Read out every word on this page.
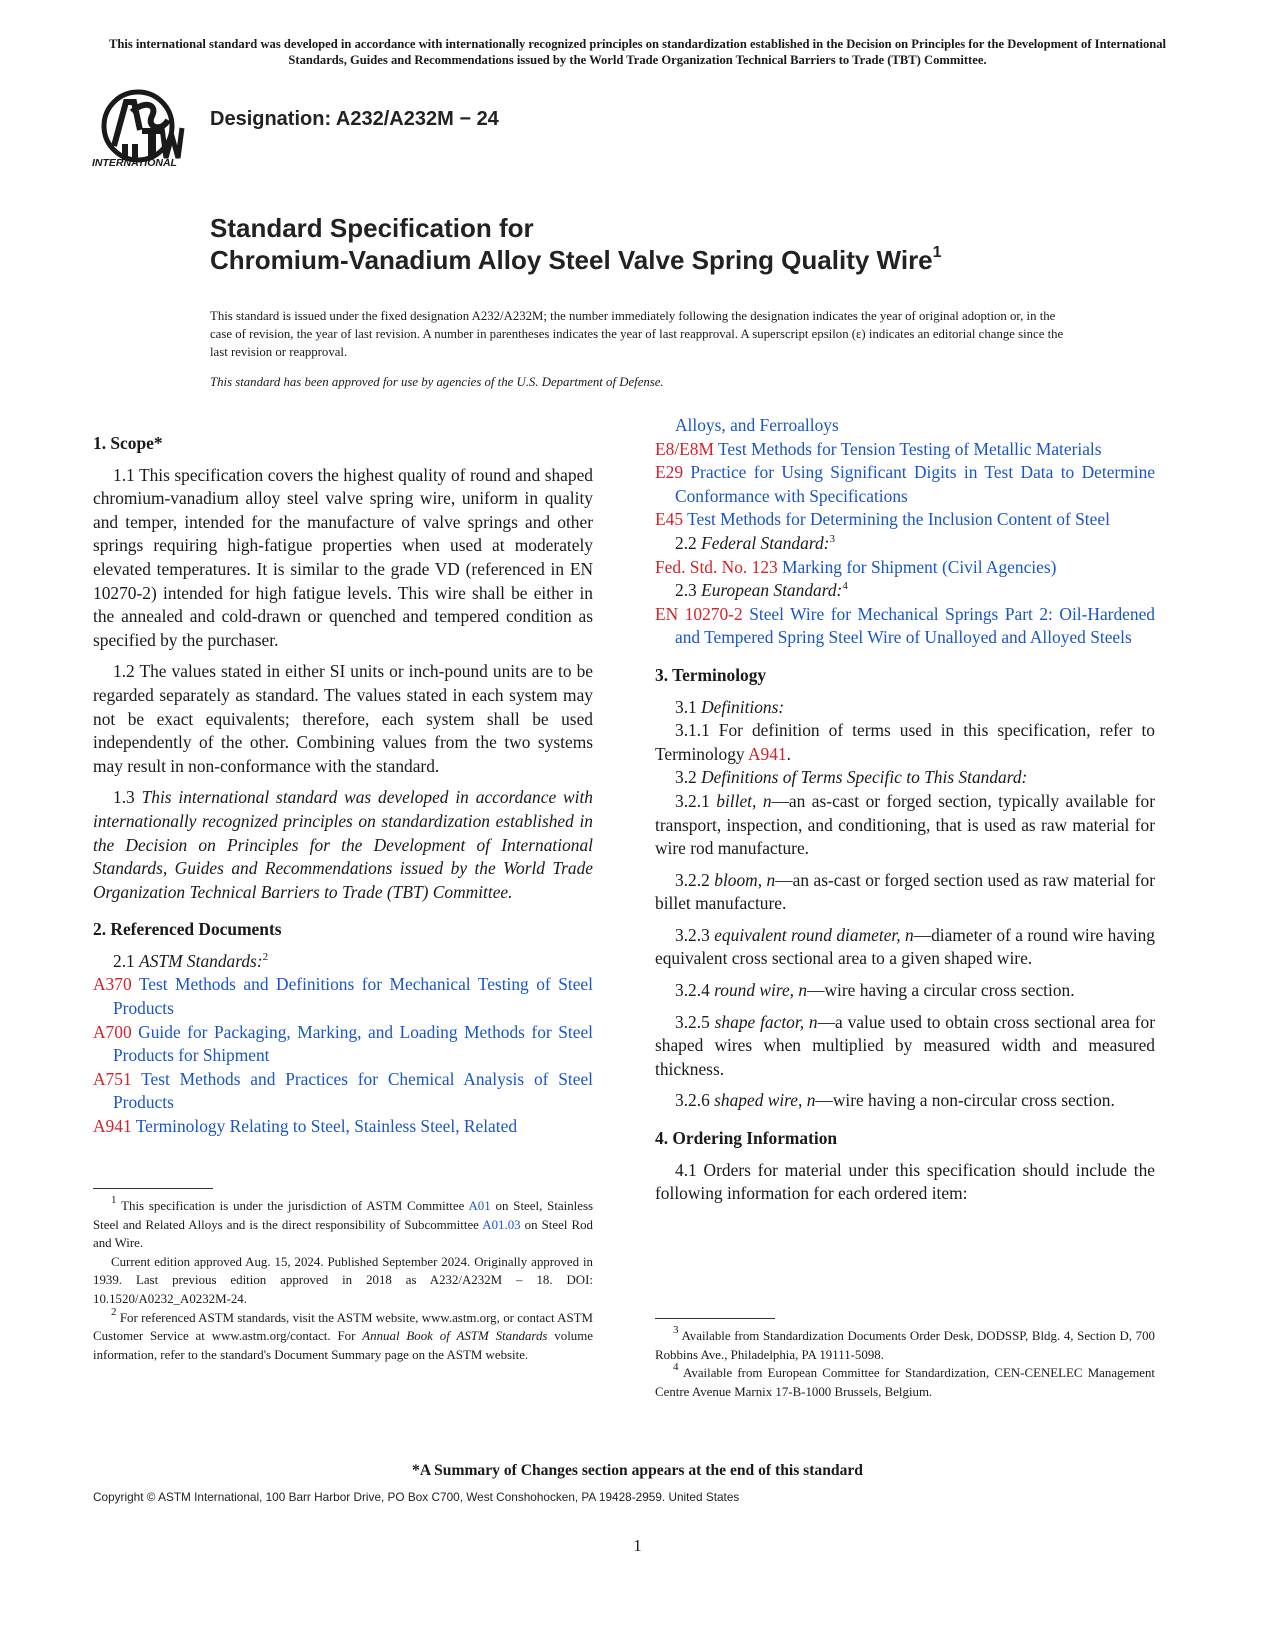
This international standard was developed in accordance with internationally recognized principles on standardization established in the Decision on Principles for the Development of International Standards, Guides and Recommendations issued by the World Trade Organization Technical Barriers to Trade (TBT) Committee.
INTERNATIONAL
Designation: A232/A232M − 24
Standard Specification for
Chromium-Vanadium Alloy Steel Valve Spring Quality Wire$^1$
This standard is issued under the fixed designation A232/A232M; the number immediately following the designation indicates the year of original adoption or, in the case of revision, the year of last revision. A number in parentheses indicates the year of last reapproval. A superscript epsilon (ε) indicates an editorial change since the last revision or reapproval.
This standard has been approved for use by agencies of the U.S. Department of Defense.

1. Scope*

1.1 This specification covers the highest quality of round and shaped chromium-vanadium alloy steel valve spring wire, uniform in quality and temper, intended for the manufacture of valve springs and other springs requiring high-fatigue properties when used at moderately elevated temperatures. It is similar to the grade VD (referenced in EN 10270-2) intended for high fatigue levels. This wire shall be either in the annealed and cold-drawn or quenched and tempered condition as specified by the purchaser.

1.2 The values stated in either SI units or inch-pound units are to be regarded separately as standard. The values stated in each system may not be exact equivalents; therefore, each system shall be used independently of the other. Combining values from the two systems may result in non-conformance with the standard.

1.3 This international standard was developed in accordance with internationally recognized principles on standardization established in the Decision on Principles for the Development of International Standards, Guides and Recommendations issued by the World Trade Organization Technical Barriers to Trade (TBT) Committee.

2. Referenced Documents

2.1 ASTM Standards:$^2$

A370 Test Methods and Definitions for Mechanical Testing of Steel Products

A700 Guide for Packaging, Marking, and Loading Methods for Steel Products for Shipment

A751 Test Methods and Practices for Chemical Analysis of Steel Products

A941 Terminology Relating to Steel, Stainless Steel, Related

$^1$ This specification is under the jurisdiction of ASTM Committee A01 on Steel, Stainless Steel and Related Alloys and is the direct responsibility of Subcommittee A01.03 on Steel Rod and Wire.

Current edition approved Aug. 15, 2024. Published September 2024. Originally approved in 1939. Last previous edition approved in 2018 as A232/A232M – 18. DOI: 10.1520/A0232_A0232M-24.

$^2$ For referenced ASTM standards, visit the ASTM website, www.astm.org, or contact ASTM Customer Service at www.astm.org/contact. For Annual Book of ASTM Standards volume information, refer to the standard's Document Summary page on the ASTM website.

Alloys, and Ferroalloys

E8/E8M Test Methods for Tension Testing of Metallic Materials

E29 Practice for Using Significant Digits in Test Data to Determine Conformance with Specifications

E45 Test Methods for Determining the Inclusion Content of Steel

2.2 Federal Standard:$^3$

Fed. Std. No. 123 Marking for Shipment (Civil Agencies)

2.3 European Standard:$^4$

EN 10270-2 Steel Wire for Mechanical Springs Part 2: Oil-Hardened and Tempered Spring Steel Wire of Unalloyed and Alloyed Steels

3. Terminology

3.1 Definitions:

3.1.1 For definition of terms used in this specification, refer to Terminology A941.

3.2 Definitions of Terms Specific to This Standard:

3.2.1 billet, n—an as-cast or forged section, typically available for transport, inspection, and conditioning, that is used as raw material for wire rod manufacture.

3.2.2 bloom, n—an as-cast or forged section used as raw material for billet manufacture.

3.2.3 equivalent round diameter, n—diameter of a round wire having equivalent cross sectional area to a given shaped wire.

3.2.4 round wire, n—wire having a circular cross section.

3.2.5 shape factor, n—a value used to obtain cross sectional area for shaped wires when multiplied by measured width and measured thickness.

3.2.6 shaped wire, n—wire having a non-circular cross section.

4. Ordering Information

4.1 Orders for material under this specification should include the following information for each ordered item:

$^3$ Available from Standardization Documents Order Desk, DODSSP, Bldg. 4, Section D, 700 Robbins Ave., Philadelphia, PA 19111-5098.

$^4$ Available from European Committee for Standardization, CEN-CENELEC Management Centre Avenue Marnix 17-B-1000 Brussels, Belgium.

*A Summary of Changes section appears at the end of this standard
Copyright © ASTM International, 100 Barr Harbor Drive, PO Box C700, West Conshohocken, PA 19428-2959. United States
1
